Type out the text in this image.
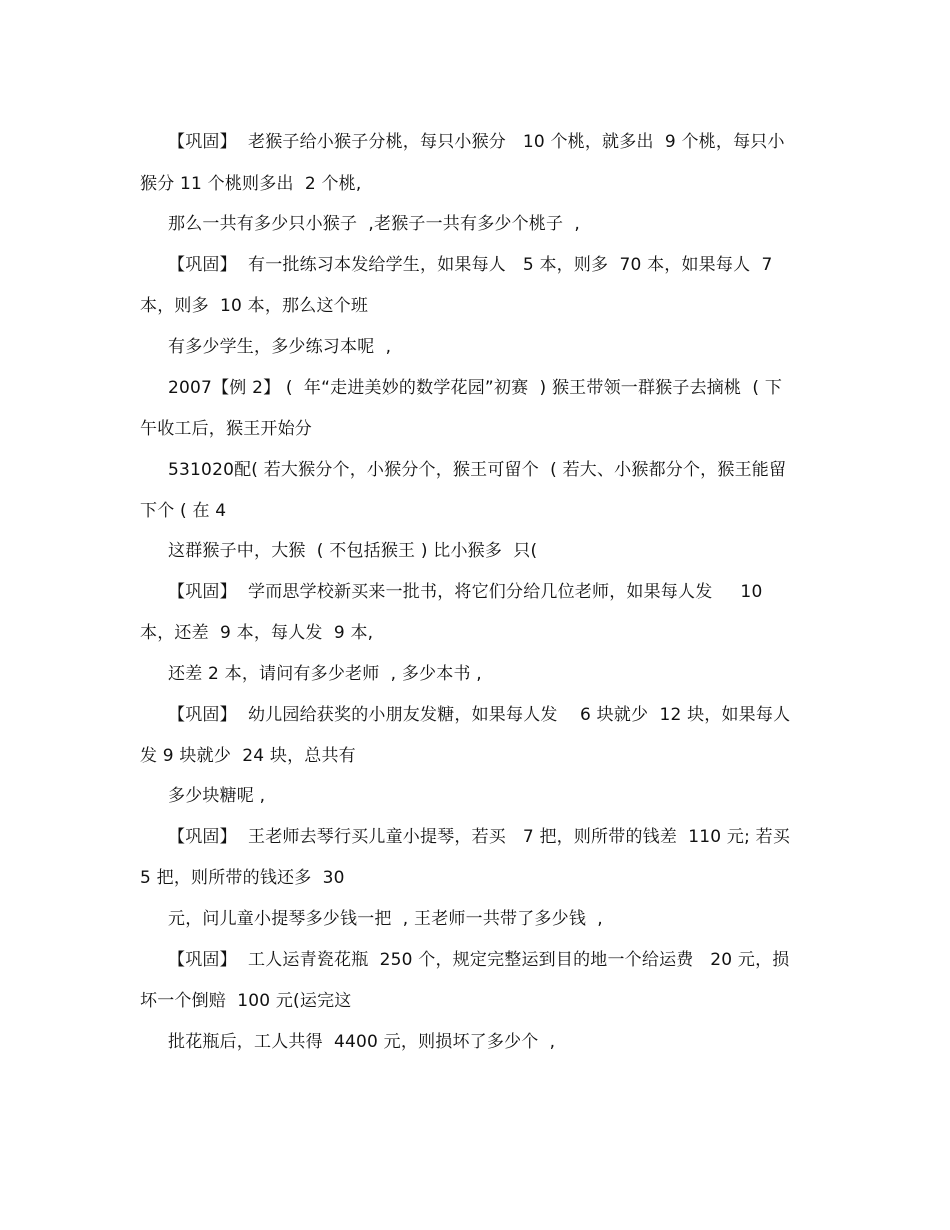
【巩固】  老猴子给小猴子分桃，每只小猴分   10 个桃，就多出  9 个桃，每只小
猴分 11 个桃则多出  2 个桃,
那么一共有多少只小猴子  ,老猴子一共有多少个桃子  ,
【巩固】  有一批练习本发给学生，如果每人   5 本，则多  70 本，如果每人  7
本，则多  10 本，那么这个班
有多少学生，多少练习本呢  ,
2007【例 2】 (  年“走进美妙的数学花园”初赛  ) 猴王带领一群猴子去摘桃  ( 下
午收工后，猴王开始分
531020配( 若大猴分个，小猴分个，猴王可留个  ( 若大、小猴都分个，猴王能留
下个 ( 在 4
这群猴子中，大猴  ( 不包括猴王 ) 比小猴多  只(
【巩固】  学而思学校新买来一批书，将它们分给几位老师，如果每人发     10
本，还差  9 本，每人发  9 本,
还差 2 本，请问有多少老师  , 多少本书 ,
【巩固】  幼儿园给获奖的小朋友发糖，如果每人发    6 块就少  12 块，如果每人
发 9 块就少  24 块，总共有
多少块糖呢 ,
【巩固】  王老师去琴行买儿童小提琴，若买   7 把，则所带的钱差  110 元; 若买
5 把，则所带的钱还多  30
元，问儿童小提琴多少钱一把  , 王老师一共带了多少钱  ,
【巩固】  工人运青瓷花瓶  250 个，规定完整运到目的地一个给运费   20 元，损
坏一个倒赔  100 元(运完这
批花瓶后，工人共得  4400 元，则损坏了多少个  ,
